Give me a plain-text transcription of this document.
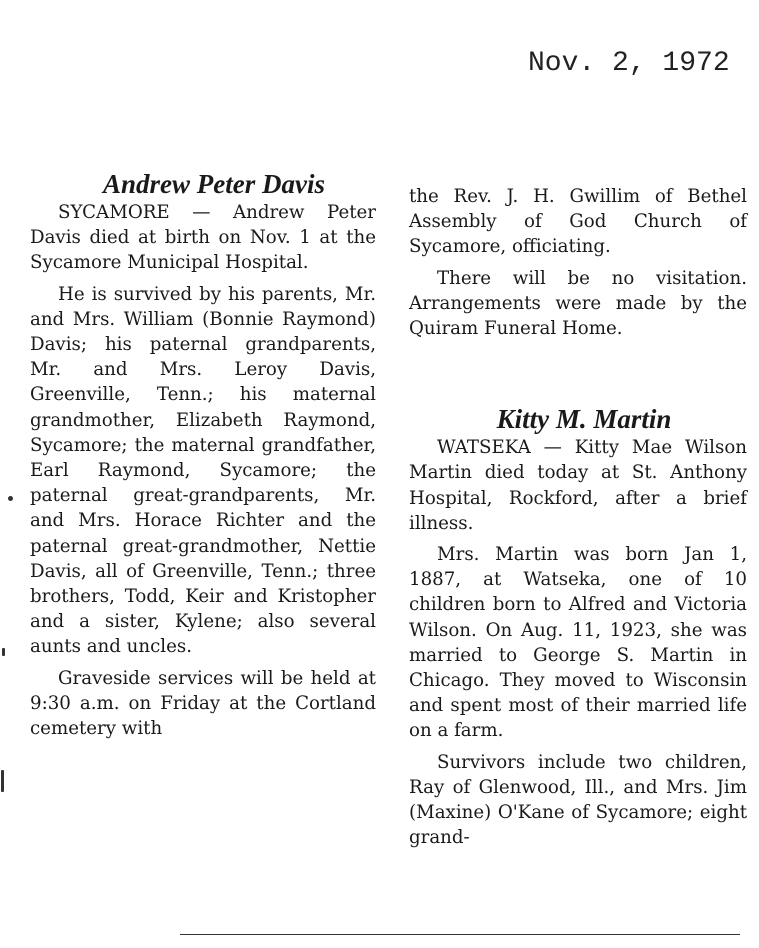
Nov. 2, 1972
Andrew Peter Davis

SYCAMORE — Andrew Peter Davis died at birth on Nov. 1 at the Sycamore Municipal Hospital.

He is survived by his parents, Mr. and Mrs. William (Bonnie Raymond) Davis; his paternal grandparents, Mr. and Mrs. Leroy Davis, Greenville, Tenn.; his maternal grandmother, Elizabeth Raymond, Sycamore; the maternal grandfather, Earl Raymond, Sycamore; the paternal great-grandparents, Mr. and Mrs. Horace Richter and the paternal great-grandmother, Nettie Davis, all of Greenville, Tenn.; three brothers, Todd, Keir and Kristopher and a sister, Kylene; also several aunts and uncles.

Graveside services will be held at 9:30 a.m. on Friday at the Cortland cemetery with

the Rev. J. H. Gwillim of Bethel Assembly of God Church of Sycamore, officiating.

There will be no visitation. Arrangements were made by the Quiram Funeral Home.

Kitty M. Martin

WATSEKA — Kitty Mae Wilson Martin died today at St. Anthony Hospital, Rockford, after a brief illness.

Mrs. Martin was born Jan 1, 1887, at Watseka, one of 10 children born to Alfred and Victoria Wilson. On Aug. 11, 1923, she was married to George S. Martin in Chicago. They moved to Wisconsin and spent most of their married life on a farm.

Survivors include two children, Ray of Glenwood, Ill., and Mrs. Jim (Maxine) O'Kane of Sycamore; eight grand-
